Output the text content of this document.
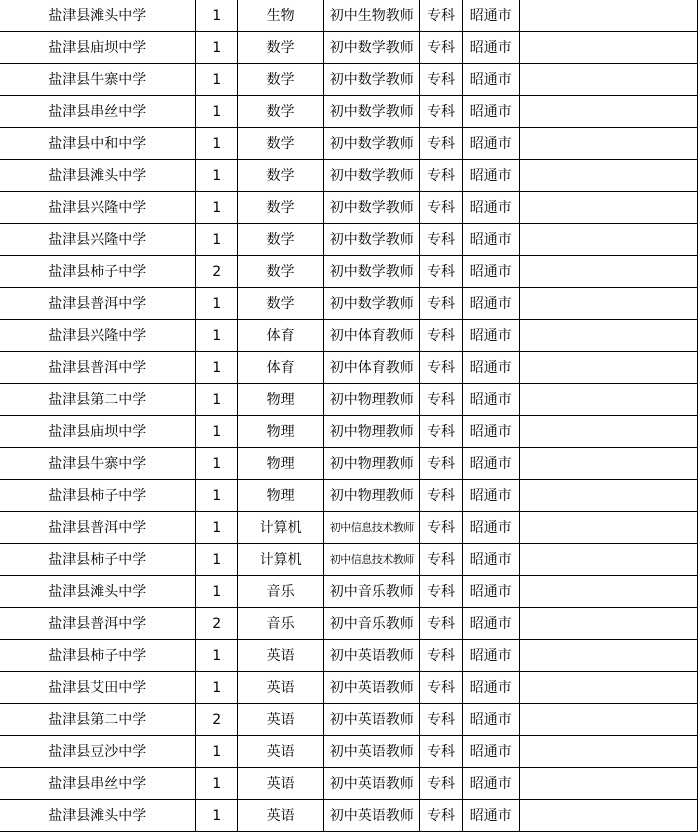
盐津县滩头中学	1	生物	初中生物教师	专科	昭通市	
盐津县庙坝中学	1	数学	初中数学教师	专科	昭通市	
盐津县牛寨中学	1	数学	初中数学教师	专科	昭通市	
盐津县串丝中学	1	数学	初中数学教师	专科	昭通市	
盐津县中和中学	1	数学	初中数学教师	专科	昭通市	
盐津县滩头中学	1	数学	初中数学教师	专科	昭通市	
盐津县兴隆中学	1	数学	初中数学教师	专科	昭通市	
盐津县兴隆中学	1	数学	初中数学教师	专科	昭通市	
盐津县柿子中学	2	数学	初中数学教师	专科	昭通市	
盐津县普洱中学	1	数学	初中数学教师	专科	昭通市	
盐津县兴隆中学	1	体育	初中体育教师	专科	昭通市	
盐津县普洱中学	1	体育	初中体育教师	专科	昭通市	
盐津县第二中学	1	物理	初中物理教师	专科	昭通市	
盐津县庙坝中学	1	物理	初中物理教师	专科	昭通市	
盐津县牛寨中学	1	物理	初中物理教师	专科	昭通市	
盐津县柿子中学	1	物理	初中物理教师	专科	昭通市	
盐津县普洱中学	1	计算机	初中信息技术教师	专科	昭通市	
盐津县柿子中学	1	计算机	初中信息技术教师	专科	昭通市	
盐津县滩头中学	1	音乐	初中音乐教师	专科	昭通市	
盐津县普洱中学	2	音乐	初中音乐教师	专科	昭通市	
盐津县柿子中学	1	英语	初中英语教师	专科	昭通市	
盐津县艾田中学	1	英语	初中英语教师	专科	昭通市	
盐津县第二中学	2	英语	初中英语教师	专科	昭通市	
盐津县豆沙中学	1	英语	初中英语教师	专科	昭通市	
盐津县串丝中学	1	英语	初中英语教师	专科	昭通市	
盐津县滩头中学	1	英语	初中英语教师	专科	昭通市	
